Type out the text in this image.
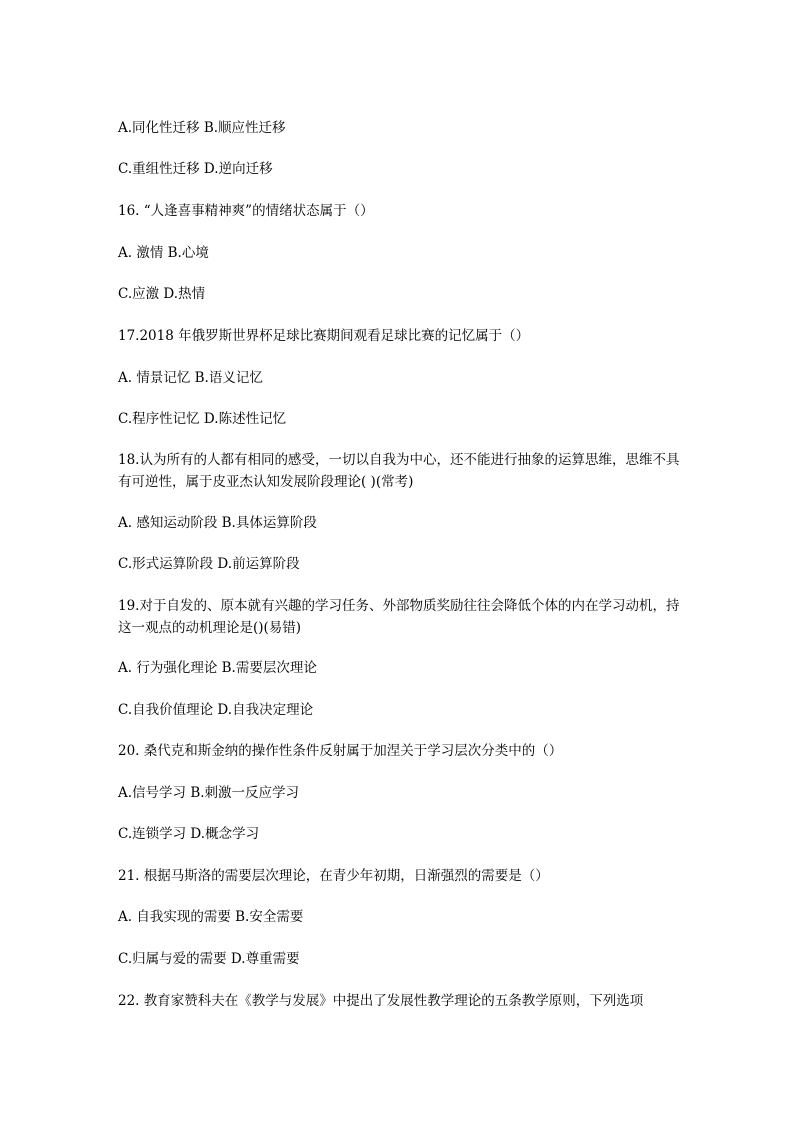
A.同化性迁移 B.顺应性迁移
C.重组性迁移 D.逆向迁移
16. “人逢喜事精神爽”的情绪状态属于（）
A. 激情 B.心境
C.应激 D.热情
17.2018 年俄罗斯世界杯足球比赛期间观看足球比赛的记忆属于（）
A. 情景记忆 B.语义记忆
C.程序性记忆 D.陈述性记忆
18.认为所有的人都有相同的感受，一切以自我为中心，还不能进行抽象的运算思维，思维不具有可逆性，属于皮亚杰认知发展阶段理论( )(常考)
A. 感知运动阶段 B.具体运算阶段
C.形式运算阶段 D.前运算阶段
19.对于自发的、原本就有兴趣的学习任务、外部物质奖励往往会降低个体的内在学习动机，持这一观点的动机理论是()(易错)
A. 行为强化理论 B.需要层次理论
C.自我价值理论 D.自我决定理论
20. 桑代克和斯金纳的操作性条件反射属于加涅关于学习层次分类中的（）
A.信号学习 B.刺激一反应学习
C.连锁学习 D.概念学习
21. 根据马斯洛的需要层次理论，在青少年初期，日渐强烈的需要是（）
A. 自我实现的需要 B.安全需要
C.归属与爱的需要 D.尊重需要
22. 教育家赞科夫在《教学与发展》中提出了发展性教学理论的五条教学原则，下列选项
